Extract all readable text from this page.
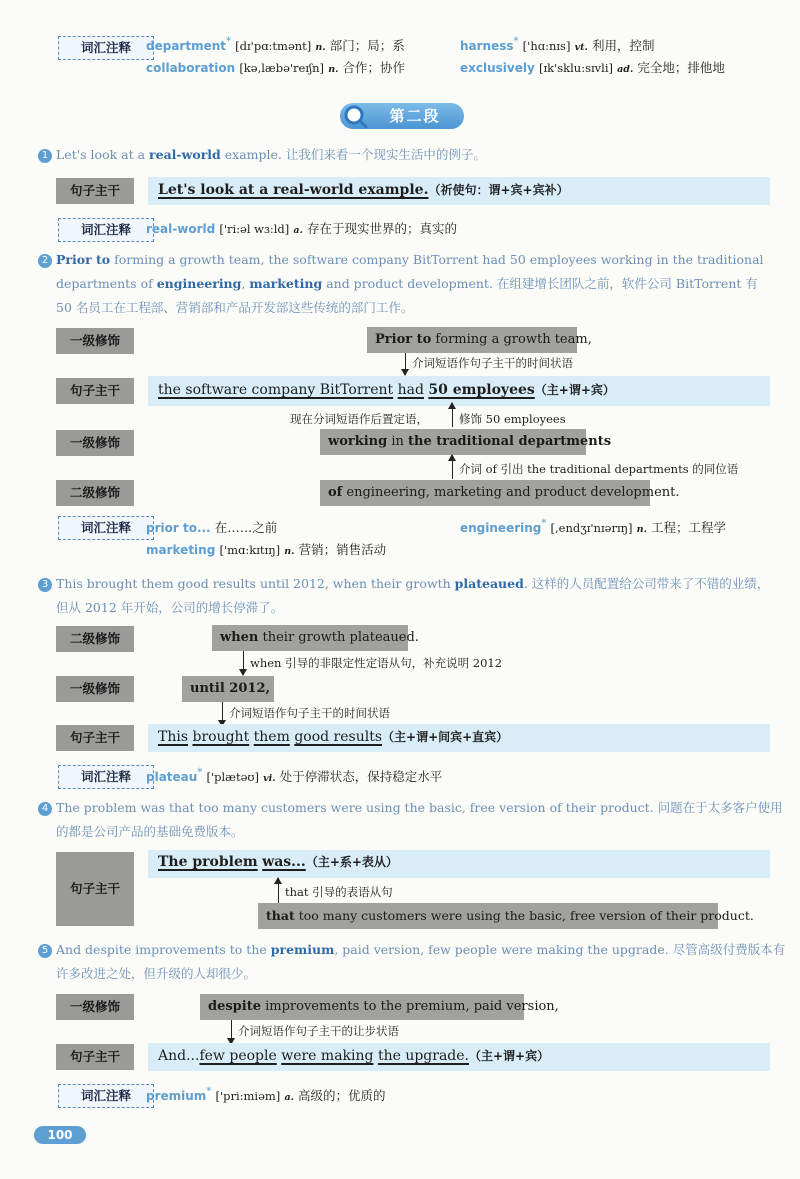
词汇注释	department* [dɪ'pɑ:tmənt] n. 部门；局；系
collaboration [kə,læbə'reɪʃn] n. 合作；协作
harness* ['hɑ:nɪs] vt. 利用，控制
exclusively [ɪk'sklu:sɪvli] ad. 完全地；排他地
第二段
1 Let's look at a real-world example. 让我们来看一个现实生活中的例子。
句子主干	Let's look at a real-world example.（祈使句：谓+宾+宾补）
词汇注释	real-world ['ri:əl wɜ:ld] a. 存在于现实世界的；真实的
2 Prior to forming a growth team, the software company BitTorrent had 50 employees working in the traditional
departments of engineering, marketing and product development. 在组建增长团队之前，软件公司 BitTorrent 有
50 名员工在工程部、营销部和产品开发部这些传统的部门工作。
一级修饰	Prior to forming a growth team,
介词短语作句子主干的时间状语
句子主干	the software company BitTorrent had 50 employees（主+谓+宾）
现在分词短语作后置定语，	修饰 50 employees
一级修饰	working in the traditional departments
介词 of 引出 the traditional departments 的同位语
二级修饰	of engineering, marketing and product development.
词汇注释	prior to... 在……之前
marketing ['mɑ:kɪtɪŋ] n. 营销；销售活动
engineering* [,endʒɪ'nɪərɪŋ] n. 工程；工程学
3 This brought them good results until 2012, when their growth plateaued. 这样的人员配置给公司带来了不错的业绩，
但从 2012 年开始，公司的增长停滞了。
二级修饰	when their growth plateaued.
when 引导的非限定性定语从句，补充说明 2012
一级修饰	until 2012,
介词短语作句子主干的时间状语
句子主干	This brought them good results（主+谓+间宾+直宾）
词汇注释	plateau* ['plætəʊ] vi. 处于停滞状态，保持稳定水平
4 The problem was that too many customers were using the basic, free version of their product. 问题在于太多客户使用
的都是公司产品的基础免费版本。
句子主干
The problem was...（主+系+表从）
that 引导的表语从句
that too many customers were using the basic, free version of their product.
5 And despite improvements to the premium, paid version, few people were making the upgrade. 尽管高级付费版本有
许多改进之处，但升级的人却很少。
一级修饰	despite improvements to the premium, paid version,
介词短语作句子主干的让步状语
句子主干	And...few people were making the upgrade.（主+谓+宾）
词汇注释	premium* ['pri:miəm] a. 高级的；优质的
100
